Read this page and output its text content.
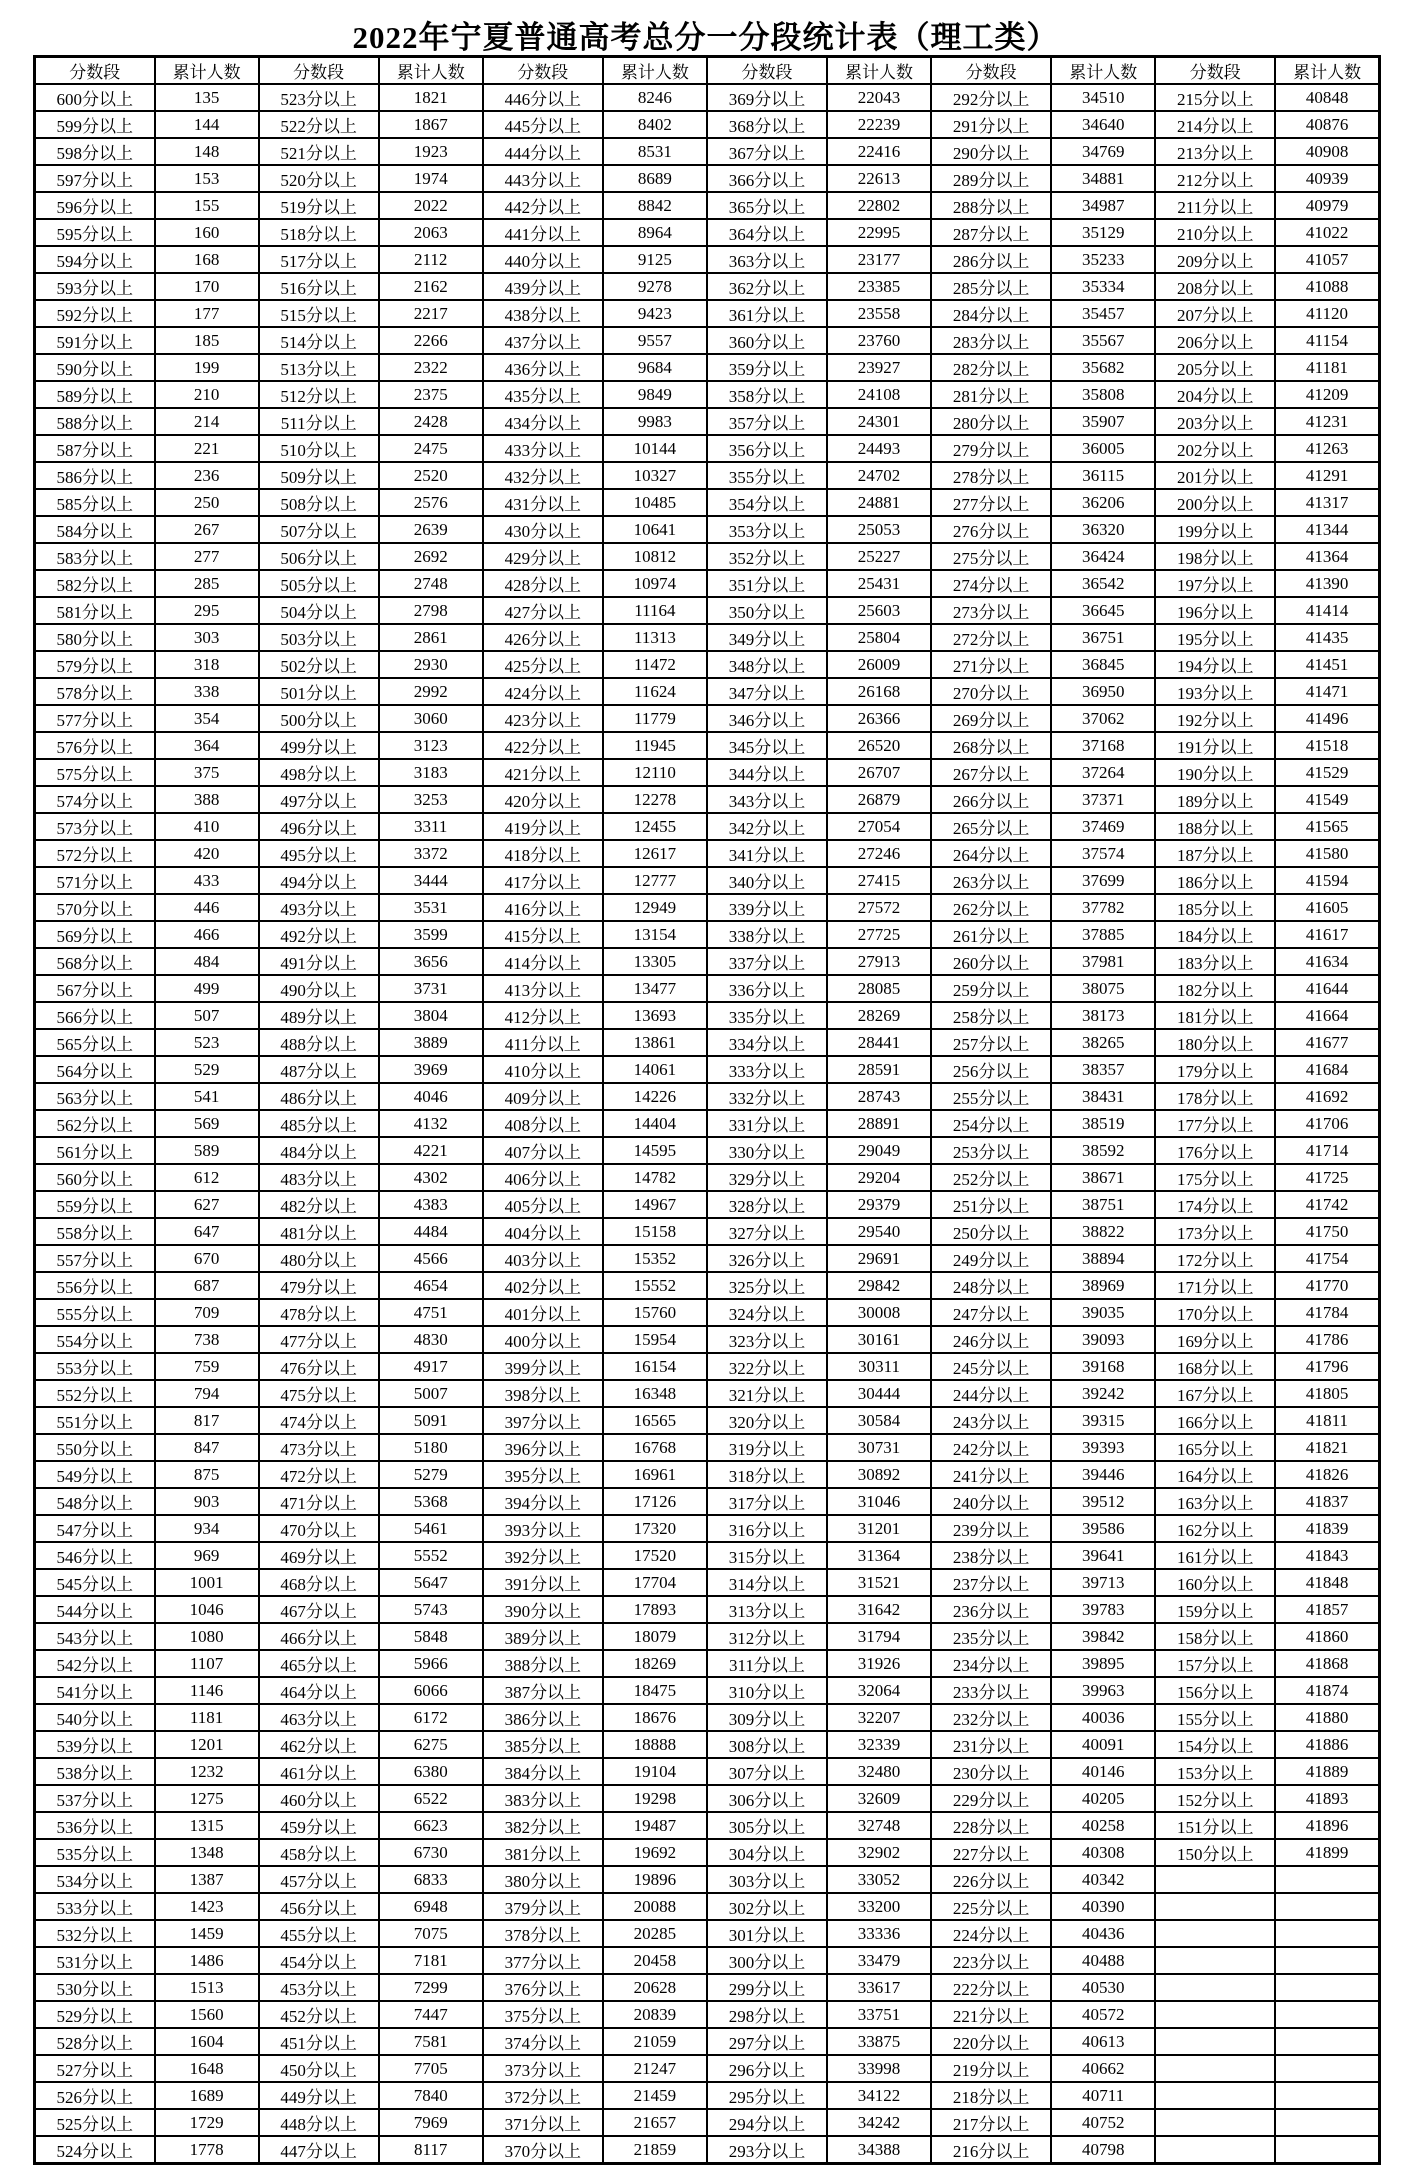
2022年宁夏普通高考总分一分段统计表（理工类）
分数段	累计人数	分数段	累计人数	分数段	累计人数	分数段	累计人数	分数段	累计人数	分数段	累计人数
600分以上	135	523分以上	1821	446分以上	8246	369分以上	22043	292分以上	34510	215分以上	40848
599分以上	144	522分以上	1867	445分以上	8402	368分以上	22239	291分以上	34640	214分以上	40876
598分以上	148	521分以上	1923	444分以上	8531	367分以上	22416	290分以上	34769	213分以上	40908
597分以上	153	520分以上	1974	443分以上	8689	366分以上	22613	289分以上	34881	212分以上	40939
596分以上	155	519分以上	2022	442分以上	8842	365分以上	22802	288分以上	34987	211分以上	40979
595分以上	160	518分以上	2063	441分以上	8964	364分以上	22995	287分以上	35129	210分以上	41022
594分以上	168	517分以上	2112	440分以上	9125	363分以上	23177	286分以上	35233	209分以上	41057
593分以上	170	516分以上	2162	439分以上	9278	362分以上	23385	285分以上	35334	208分以上	41088
592分以上	177	515分以上	2217	438分以上	9423	361分以上	23558	284分以上	35457	207分以上	41120
591分以上	185	514分以上	2266	437分以上	9557	360分以上	23760	283分以上	35567	206分以上	41154
590分以上	199	513分以上	2322	436分以上	9684	359分以上	23927	282分以上	35682	205分以上	41181
589分以上	210	512分以上	2375	435分以上	9849	358分以上	24108	281分以上	35808	204分以上	41209
588分以上	214	511分以上	2428	434分以上	9983	357分以上	24301	280分以上	35907	203分以上	41231
587分以上	221	510分以上	2475	433分以上	10144	356分以上	24493	279分以上	36005	202分以上	41263
586分以上	236	509分以上	2520	432分以上	10327	355分以上	24702	278分以上	36115	201分以上	41291
585分以上	250	508分以上	2576	431分以上	10485	354分以上	24881	277分以上	36206	200分以上	41317
584分以上	267	507分以上	2639	430分以上	10641	353分以上	25053	276分以上	36320	199分以上	41344
583分以上	277	506分以上	2692	429分以上	10812	352分以上	25227	275分以上	36424	198分以上	41364
582分以上	285	505分以上	2748	428分以上	10974	351分以上	25431	274分以上	36542	197分以上	41390
581分以上	295	504分以上	2798	427分以上	11164	350分以上	25603	273分以上	36645	196分以上	41414
580分以上	303	503分以上	2861	426分以上	11313	349分以上	25804	272分以上	36751	195分以上	41435
579分以上	318	502分以上	2930	425分以上	11472	348分以上	26009	271分以上	36845	194分以上	41451
578分以上	338	501分以上	2992	424分以上	11624	347分以上	26168	270分以上	36950	193分以上	41471
577分以上	354	500分以上	3060	423分以上	11779	346分以上	26366	269分以上	37062	192分以上	41496
576分以上	364	499分以上	3123	422分以上	11945	345分以上	26520	268分以上	37168	191分以上	41518
575分以上	375	498分以上	3183	421分以上	12110	344分以上	26707	267分以上	37264	190分以上	41529
574分以上	388	497分以上	3253	420分以上	12278	343分以上	26879	266分以上	37371	189分以上	41549
573分以上	410	496分以上	3311	419分以上	12455	342分以上	27054	265分以上	37469	188分以上	41565
572分以上	420	495分以上	3372	418分以上	12617	341分以上	27246	264分以上	37574	187分以上	41580
571分以上	433	494分以上	3444	417分以上	12777	340分以上	27415	263分以上	37699	186分以上	41594
570分以上	446	493分以上	3531	416分以上	12949	339分以上	27572	262分以上	37782	185分以上	41605
569分以上	466	492分以上	3599	415分以上	13154	338分以上	27725	261分以上	37885	184分以上	41617
568分以上	484	491分以上	3656	414分以上	13305	337分以上	27913	260分以上	37981	183分以上	41634
567分以上	499	490分以上	3731	413分以上	13477	336分以上	28085	259分以上	38075	182分以上	41644
566分以上	507	489分以上	3804	412分以上	13693	335分以上	28269	258分以上	38173	181分以上	41664
565分以上	523	488分以上	3889	411分以上	13861	334分以上	28441	257分以上	38265	180分以上	41677
564分以上	529	487分以上	3969	410分以上	14061	333分以上	28591	256分以上	38357	179分以上	41684
563分以上	541	486分以上	4046	409分以上	14226	332分以上	28743	255分以上	38431	178分以上	41692
562分以上	569	485分以上	4132	408分以上	14404	331分以上	28891	254分以上	38519	177分以上	41706
561分以上	589	484分以上	4221	407分以上	14595	330分以上	29049	253分以上	38592	176分以上	41714
560分以上	612	483分以上	4302	406分以上	14782	329分以上	29204	252分以上	38671	175分以上	41725
559分以上	627	482分以上	4383	405分以上	14967	328分以上	29379	251分以上	38751	174分以上	41742
558分以上	647	481分以上	4484	404分以上	15158	327分以上	29540	250分以上	38822	173分以上	41750
557分以上	670	480分以上	4566	403分以上	15352	326分以上	29691	249分以上	38894	172分以上	41754
556分以上	687	479分以上	4654	402分以上	15552	325分以上	29842	248分以上	38969	171分以上	41770
555分以上	709	478分以上	4751	401分以上	15760	324分以上	30008	247分以上	39035	170分以上	41784
554分以上	738	477分以上	4830	400分以上	15954	323分以上	30161	246分以上	39093	169分以上	41786
553分以上	759	476分以上	4917	399分以上	16154	322分以上	30311	245分以上	39168	168分以上	41796
552分以上	794	475分以上	5007	398分以上	16348	321分以上	30444	244分以上	39242	167分以上	41805
551分以上	817	474分以上	5091	397分以上	16565	320分以上	30584	243分以上	39315	166分以上	41811
550分以上	847	473分以上	5180	396分以上	16768	319分以上	30731	242分以上	39393	165分以上	41821
549分以上	875	472分以上	5279	395分以上	16961	318分以上	30892	241分以上	39446	164分以上	41826
548分以上	903	471分以上	5368	394分以上	17126	317分以上	31046	240分以上	39512	163分以上	41837
547分以上	934	470分以上	5461	393分以上	17320	316分以上	31201	239分以上	39586	162分以上	41839
546分以上	969	469分以上	5552	392分以上	17520	315分以上	31364	238分以上	39641	161分以上	41843
545分以上	1001	468分以上	5647	391分以上	17704	314分以上	31521	237分以上	39713	160分以上	41848
544分以上	1046	467分以上	5743	390分以上	17893	313分以上	31642	236分以上	39783	159分以上	41857
543分以上	1080	466分以上	5848	389分以上	18079	312分以上	31794	235分以上	39842	158分以上	41860
542分以上	1107	465分以上	5966	388分以上	18269	311分以上	31926	234分以上	39895	157分以上	41868
541分以上	1146	464分以上	6066	387分以上	18475	310分以上	32064	233分以上	39963	156分以上	41874
540分以上	1181	463分以上	6172	386分以上	18676	309分以上	32207	232分以上	40036	155分以上	41880
539分以上	1201	462分以上	6275	385分以上	18888	308分以上	32339	231分以上	40091	154分以上	41886
538分以上	1232	461分以上	6380	384分以上	19104	307分以上	32480	230分以上	40146	153分以上	41889
537分以上	1275	460分以上	6522	383分以上	19298	306分以上	32609	229分以上	40205	152分以上	41893
536分以上	1315	459分以上	6623	382分以上	19487	305分以上	32748	228分以上	40258	151分以上	41896
535分以上	1348	458分以上	6730	381分以上	19692	304分以上	32902	227分以上	40308	150分以上	41899
534分以上	1387	457分以上	6833	380分以上	19896	303分以上	33052	226分以上	40342		
533分以上	1423	456分以上	6948	379分以上	20088	302分以上	33200	225分以上	40390		
532分以上	1459	455分以上	7075	378分以上	20285	301分以上	33336	224分以上	40436		
531分以上	1486	454分以上	7181	377分以上	20458	300分以上	33479	223分以上	40488		
530分以上	1513	453分以上	7299	376分以上	20628	299分以上	33617	222分以上	40530		
529分以上	1560	452分以上	7447	375分以上	20839	298分以上	33751	221分以上	40572		
528分以上	1604	451分以上	7581	374分以上	21059	297分以上	33875	220分以上	40613		
527分以上	1648	450分以上	7705	373分以上	21247	296分以上	33998	219分以上	40662		
526分以上	1689	449分以上	7840	372分以上	21459	295分以上	34122	218分以上	40711		
525分以上	1729	448分以上	7969	371分以上	21657	294分以上	34242	217分以上	40752		
524分以上	1778	447分以上	8117	370分以上	21859	293分以上	34388	216分以上	40798		
